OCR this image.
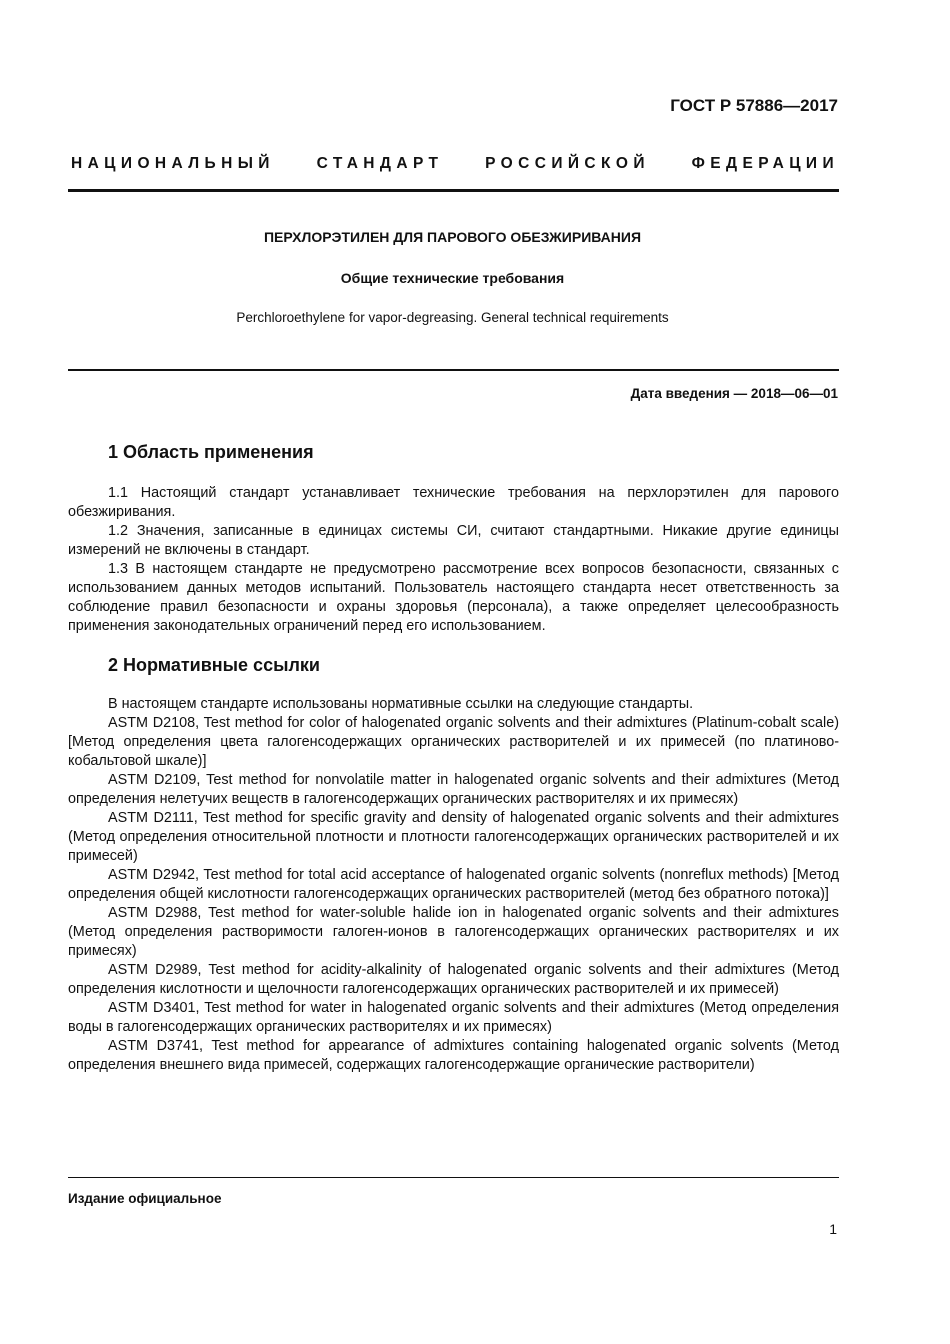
ГОСТ Р 57886—2017
НАЦИОНАЛЬНЫЙ СТАНДАРТ РОССИЙСКОЙ ФЕДЕРАЦИИ
ПЕРХЛОРЭТИЛЕН ДЛЯ ПАРОВОГО ОБЕЗЖИРИВАНИЯ
Общие технические требования
Perchloroethylene for vapor-degreasing. General technical requirements
Дата введения — 2018—06—01
1 Область применения

1.1 Настоящий стандарт устанавливает технические требования на перхлорэтилен для парового обезжиривания.

1.2 Значения, записанные в единицах системы СИ, считают стандартными. Никакие другие единицы измерений не включены в стандарт.

1.3 В настоящем стандарте не предусмотрено рассмотрение всех вопросов безопасности, связанных с использованием данных методов испытаний. Пользователь настоящего стандарта несет ответственность за соблюдение правил безопасности и охраны здоровья (персонала), а также определяет целесообразность применения законодательных ограничений перед его использованием.

2 Нормативные ссылки

В настоящем стандарте использованы нормативные ссылки на следующие стандарты.

ASTM D2108, Test method for color of halogenated organic solvents and their admixtures (Platinum-cobalt scale) [Метод определения цвета галогенсодержащих органических растворителей и их примесей (по платиново-кобальтовой шкале)]

ASTM D2109, Test method for nonvolatile matter in halogenated organic solvents and their admixtures (Метод определения нелетучих веществ в галогенсодержащих органических растворителях и их примесях)

ASTM D2111, Test method for specific gravity and density of halogenated organic solvents and their admixtures (Метод определения относительной плотности и плотности галогенсодержащих органических растворителей и их примесей)

ASTM D2942, Test method for total acid acceptance of halogenated organic solvents (nonreflux methods) [Метод определения общей кислотности галогенсодержащих органических растворителей (метод без обратного потока)]

ASTM D2988, Test method for water-soluble halide ion in halogenated organic solvents and their admixtures (Метод определения растворимости галоген-ионов в галогенсодержащих органических растворителях и их примесях)

ASTM D2989, Test method for acidity-alkalinity of halogenated organic solvents and their admixtures (Метод определения кислотности и щелочности галогенсодержащих органических растворителей и их примесей)

ASTM D3401, Test method for water in halogenated organic solvents and their admixtures (Метод определения воды в галогенсодержащих органических растворителях и их примесях)

ASTM D3741, Test method for appearance of admixtures containing halogenated organic solvents (Метод определения внешнего вида примесей, содержащих галогенсодержащие органические растворители)

Издание официальное
1
